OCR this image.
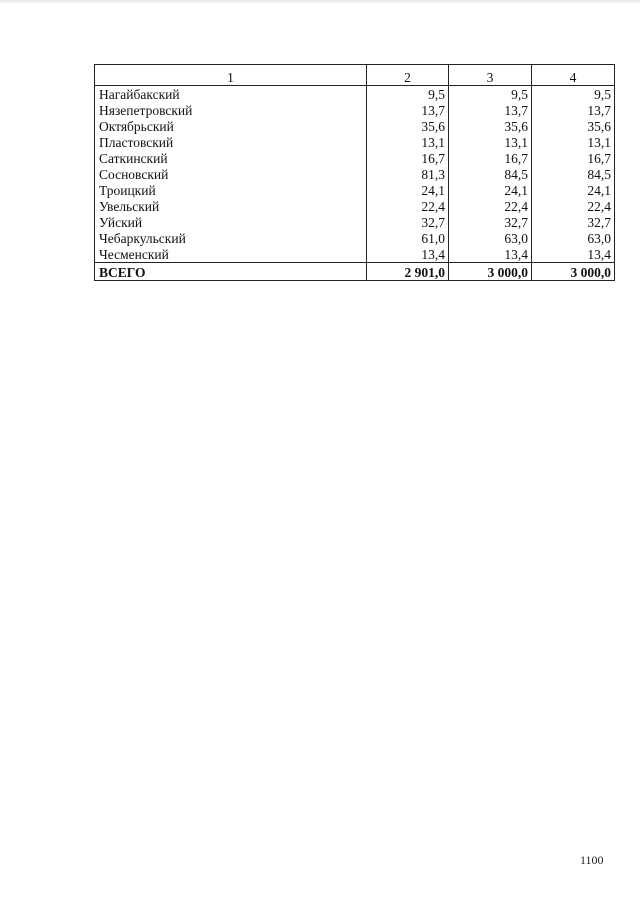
1	2	3	4
Нагайбакский	9,5	9,5	9,5
Нязепетровский	13,7	13,7	13,7
Октябрьский	35,6	35,6	35,6
Пластовский	13,1	13,1	13,1
Саткинский	16,7	16,7	16,7
Сосновский	81,3	84,5	84,5
Троицкий	24,1	24,1	24,1
Увельский	22,4	22,4	22,4
Уйский	32,7	32,7	32,7
Чебаркульский	61,0	63,0	63,0
Чесменский	13,4	13,4	13,4
ВСЕГО	2 901,0	3 000,0	3 000,0
1100
